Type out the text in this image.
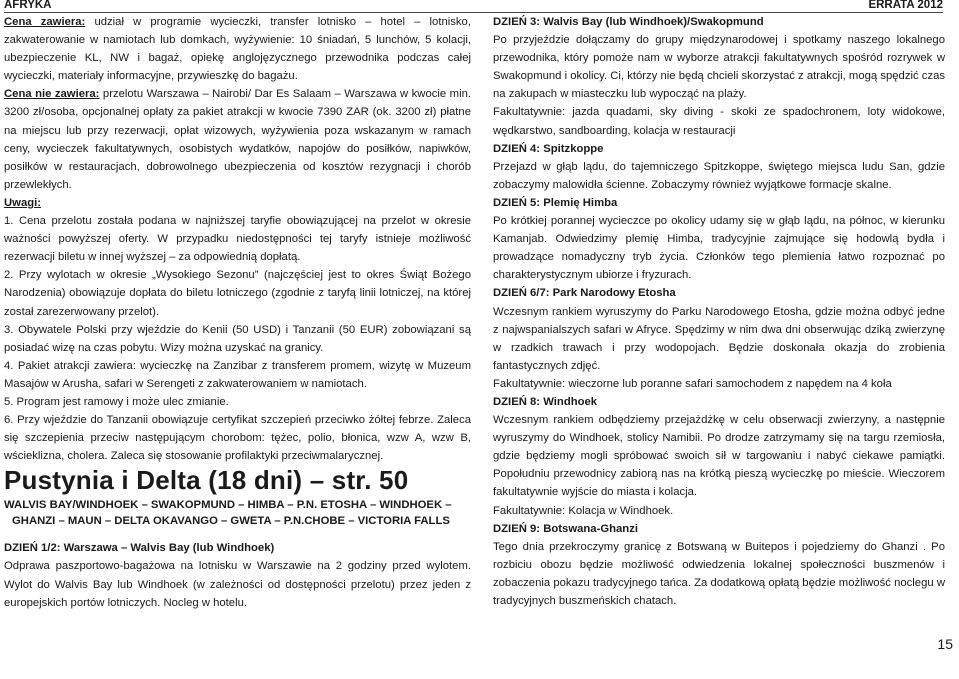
AFRYKA	ERRATA 2012

Cena zawiera: udział w programie wycieczki, transfer lotnisko – hotel – lotnisko, zakwaterowanie w namiotach lub domkach, wyżywienie: 10 śniadań, 5 lunchów, 5 kolacji, ubezpieczenie KL, NW i bagaż, opiekę anglojęzycznego przewodnika podczas całej wycieczki, materiały informacyjne, przywieszkę do bagażu.

Cena nie zawiera: przelotu Warszawa – Nairobi/ Dar Es Salaam – Warszawa w kwocie min. 3200 zł/osoba, opcjonalnej opłaty za pakiet atrakcji w kwocie 7390 ZAR (ok. 3200 zł) płatne na miejscu lub przy rezerwacji, opłat wizowych, wyżywienia poza wskazanym w ramach ceny, wycieczek fakultatywnych, osobistych wydatków, napojów do posiłków, napiwków, posiłków w restauracjach, dobrowolnego ubezpieczenia od kosztów rezygnacji i chorób przewlekłych.

Uwagi:

1. Cena przelotu została podana w najniższej taryfie obowiązującej na przelot w okresie ważności powyższej oferty. W przypadku niedostępności tej taryfy istnieje możliwość rezerwacji biletu w innej wyższej – za odpowiednią dopłatą.

2. Przy wylotach w okresie „Wysokiego Sezonu” (najczęściej jest to okres Świąt Bożego Narodzenia) obowiązuje dopłata do biletu lotniczego (zgodnie z taryfą linii lotniczej, na której został zarezerwowany przelot).

3. Obywatele Polski przy wjeździe do Kenii (50 USD) i Tanzanii (50 EUR) zobowiązani są posiadać wizę na czas pobytu. Wizy można uzyskać na granicy.

4. Pakiet atrakcji zawiera: wycieczkę na Zanzibar z transferem promem, wizytę w Muzeum Masajów w Arusha, safari w Serengeti z zakwaterowaniem w namiotach.

5. Program jest ramowy i może ulec zmianie.

6. Przy wjeździe do Tanzanii obowiązuje certyfikat szczepień przeciwko żółtej febrze. Zaleca się szczepienia przeciw następującym chorobom: tężec, polio, błonica, wzw A, wzw B, wścieklizna, cholera. Zaleca się stosowanie profilaktyki przeciwmalarycznej.

Pustynia i Delta (18 dni) – str. 50

WALVIS BAY/WINDHOEK – SWAKOPMUND – HIMBA – P.N. ETOSHA – WINDHOEK –
GHANZI – MAUN – DELTA OKAVANGO – GWETA – P.N.CHOBE – VICTORIA FALLS

DZIEŃ 1/2: Warszawa – Walvis Bay (lub Windhoek)

Odprawa paszportowo-bagażowa na lotnisku w Warszawie na 2 godziny przed wylotem. Wylot do Walvis Bay lub Windhoek (w zależności od dostępności przelotu) przez jeden z europejskich portów lotniczych. Nocleg w hotelu.

DZIEŃ 3: Walvis Bay (lub Windhoek)/Swakopmund

Po przyjeździe dołączamy do grupy międzynarodowej i spotkamy naszego lokalnego przewodnika, który pomoże nam w wyborze atrakcji fakultatywnych spośród rozrywek w Swakopmund i okolicy. Ci, którzy nie będą chcieli skorzystać z atrakcji, mogą spędzić czas na zakupach w miasteczku lub wypocząć na plaży.

Fakultatywnie: jazda quadami, sky diving - skoki ze spadochronem, loty widokowe, wędkarstwo, sandboarding, kolacja w restauracji

DZIEŃ 4: Spitzkoppe

Przejazd w głąb lądu, do tajemniczego Spitzkoppe, świętego miejsca ludu San, gdzie zobaczymy malowidła ścienne. Zobaczymy również wyjątkowe formacje skalne.

DZIEŃ 5: Plemię Himba

Po krótkiej porannej wycieczce po okolicy udamy się w głąb lądu, na północ, w kierunku Kamanjab. Odwiedzimy plemię Himba, tradycyjnie zajmujące się hodowlą bydła i prowadzące nomadyczny tryb życia. Członków tego plemienia łatwo rozpoznać po charakterystycznym ubiorze i fryzurach.

DZIEŃ 6/7: Park Narodowy Etosha

Wczesnym rankiem wyruszymy do Parku Narodowego Etosha, gdzie można odbyć jedne z najwspanialszych safari w Afryce. Spędzimy w nim dwa dni obserwując dziką zwierzynę w rzadkich trawach i przy wodopojach. Będzie doskonała okazja do zrobienia fantastycznych zdjęć.

Fakultatywnie: wieczorne lub poranne safari samochodem z napędem na 4 koła

DZIEŃ 8: Windhoek

Wczesnym rankiem odbędziemy przejażdżkę w celu obserwacji zwierzyny, a następnie wyruszymy do Windhoek, stolicy Namibii. Po drodze zatrzymamy się na targu rzemiosła, gdzie będziemy mogli spróbować swoich sił w targowaniu i nabyć ciekawe pamiątki. Popołudniu przewodnicy zabiorą nas na krótką pieszą wycieczkę po mieście. Wieczorem fakultatywnie wyjście do miasta i kolacja.

Fakultatywnie: Kolacja w Windhoek.

DZIEŃ 9: Botswana-Ghanzi

Tego dnia przekroczymy granicę z Botswaną w Buitepos i pojedziemy do Ghanzi . Po rozbiciu obozu będzie możliwość odwiedzenia lokalnej społeczności buszmenów i zobaczenia pokazu tradycyjnego tańca. Za dodatkową opłatą będzie możliwość noclegu w tradycyjnych buszmeńskich chatach.

15
